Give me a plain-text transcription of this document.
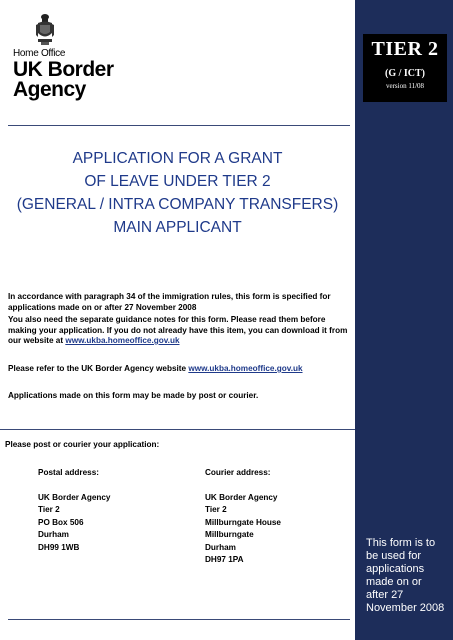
TIER 2
(G / ICT)
version 11/08
This form is to be used for applications made on or after 27 November 2008
Home Office
UK Border Agency
APPLICATION FOR A GRANT
OF LEAVE UNDER TIER 2
(GENERAL / INTRA COMPANY TRANSFERS)
MAIN APPLICANT

In accordance with paragraph 34 of the immigration rules, this form is specified for applications made on or after 27 November 2008

You also need the separate guidance notes for this form. Please read them before making your application. If you do not already have this item, you can download it from our website at www.ukba.homeoffice.gov.uk

Please refer to the UK Border Agency website www.ukba.homeoffice.gov.uk
Applications made on this form may be made by post or courier.
Please post or courier your application:
Postal address:
UK Border Agency
Tier 2
PO Box 506
Durham
DH99 1WB
Courier address:
UK Border Agency
Tier 2
Millburngate House
Millburngate
Durham
DH97 1PA
